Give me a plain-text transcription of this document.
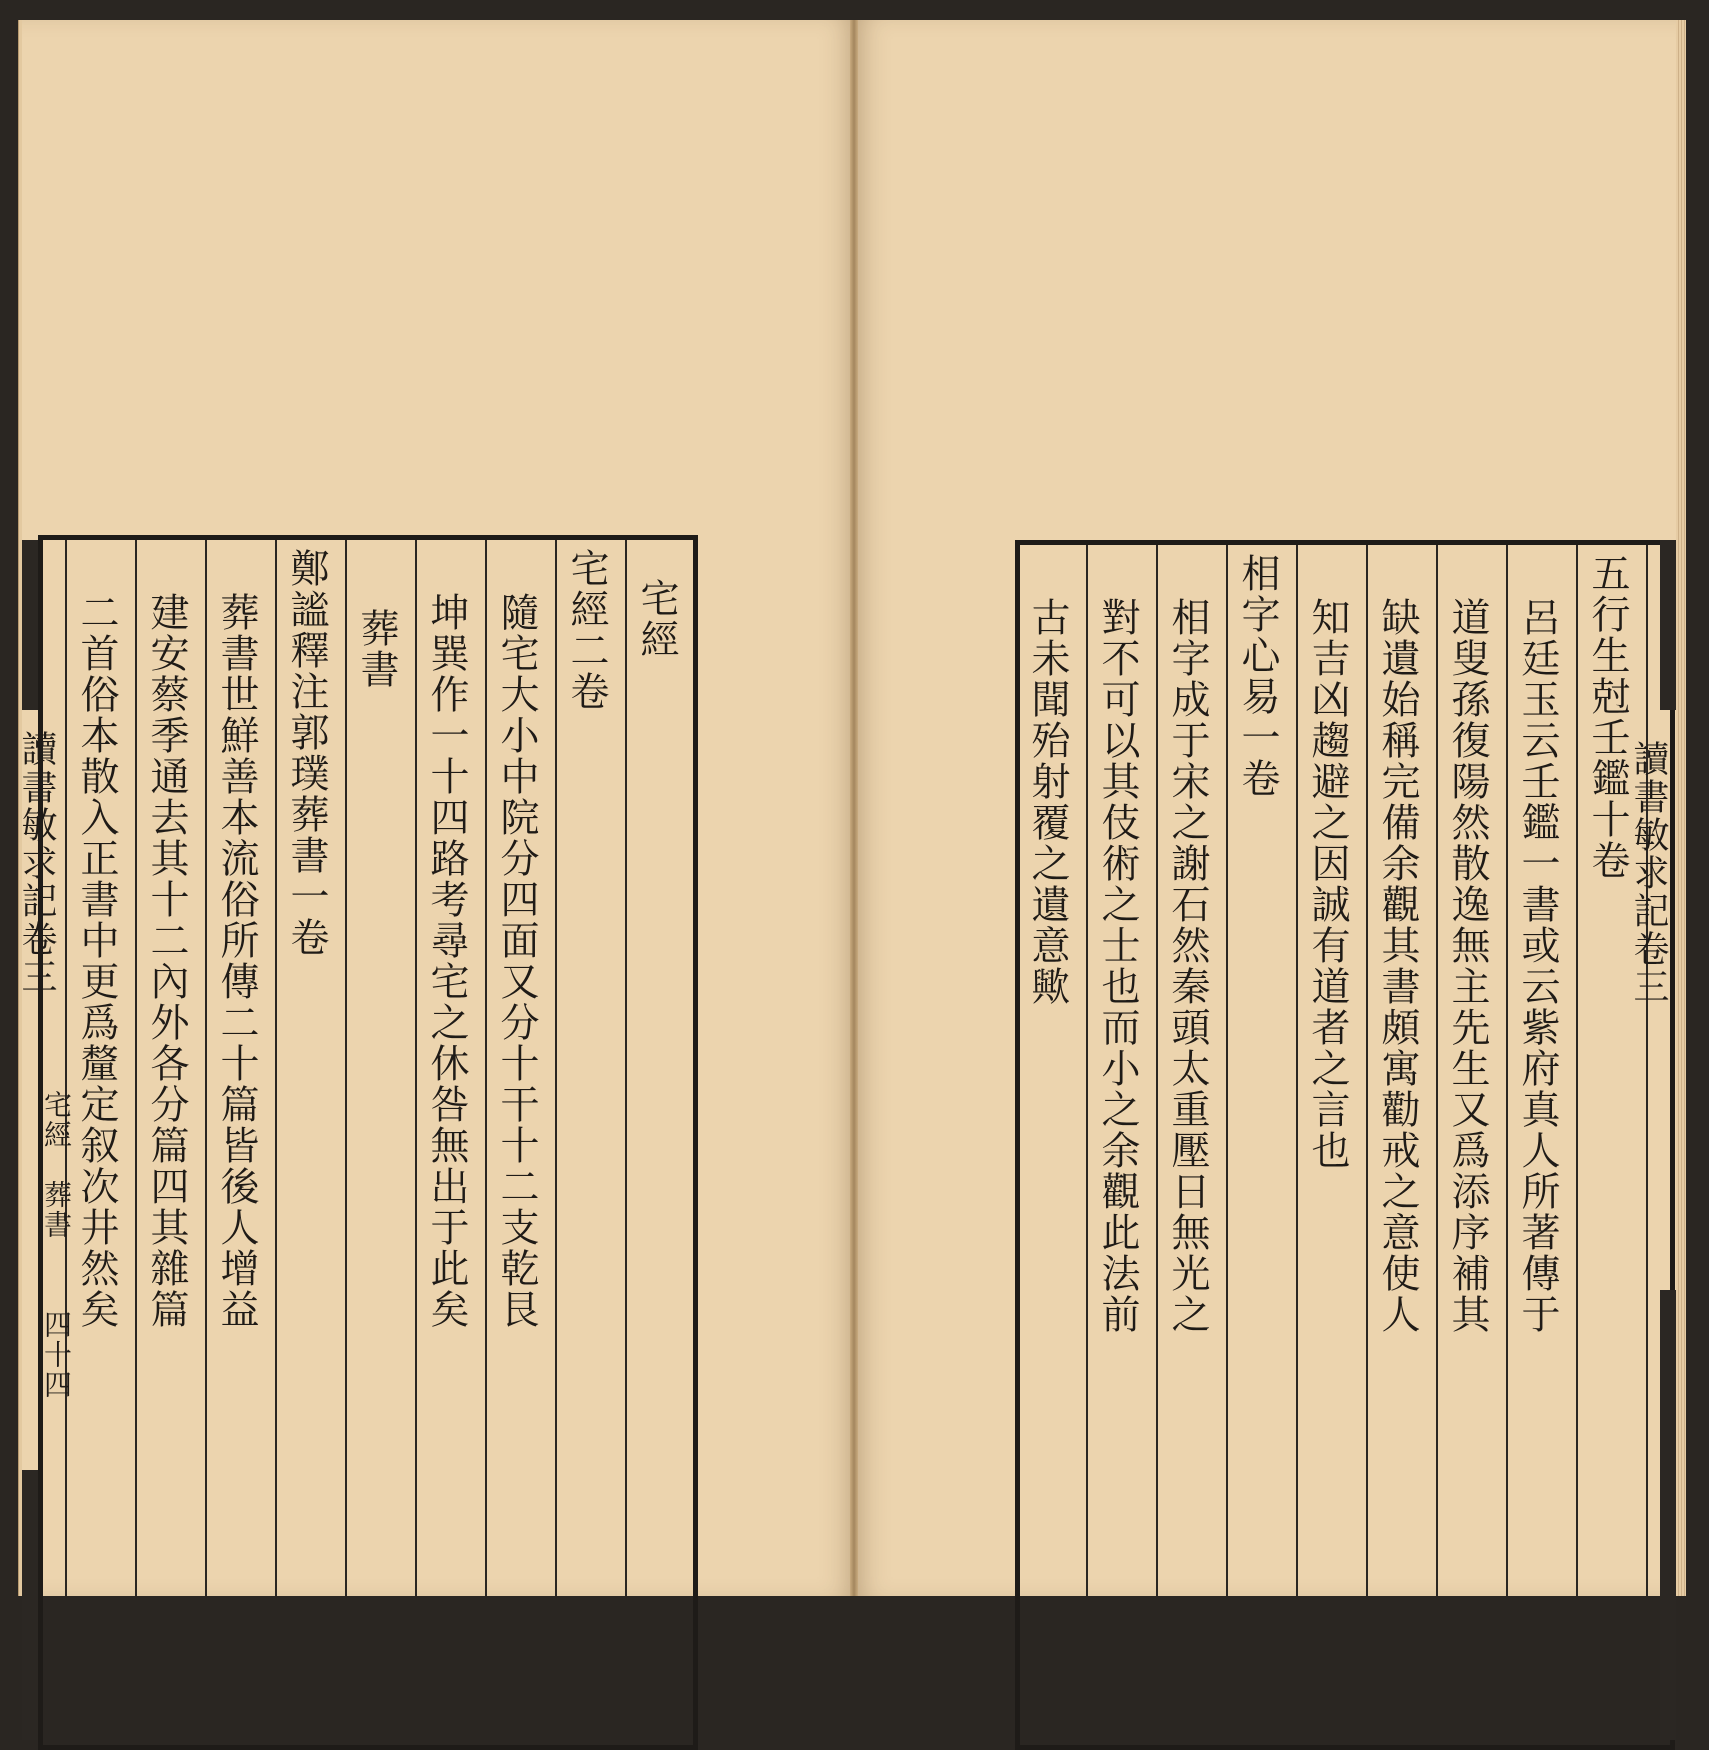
宅經
宅經二卷
隨宅大小中院分四面又分十干十二支乾艮
坤巽作一十四路考尋宅之休咎無出于此矣
葬書
鄭謐釋注郭璞葬書一卷
葬書世鮮善本流俗所傳二十篇皆後人增益
建安蔡季通去其十二內外各分篇四其雜篇
二首俗本散入正書中更爲釐定叙次井然矣
讀書敏求記卷三
宅經　葬書
四十四
五行生尅壬鑑十卷
呂廷玉云壬鑑一書或云紫府真人所著傳于
道叟孫復陽然散逸無主先生又爲添序補其
缺遺始稱完備余觀其書頗寓勸戒之意使人
知吉凶趨避之因誠有道者之言也
相字心易一卷
相字成于宋之謝石然秦頭太重壓日無光之
對不可以其伎術之士也而小之余觀此法前
古未聞殆射覆之遺意歟	讀書敏求記卷三
